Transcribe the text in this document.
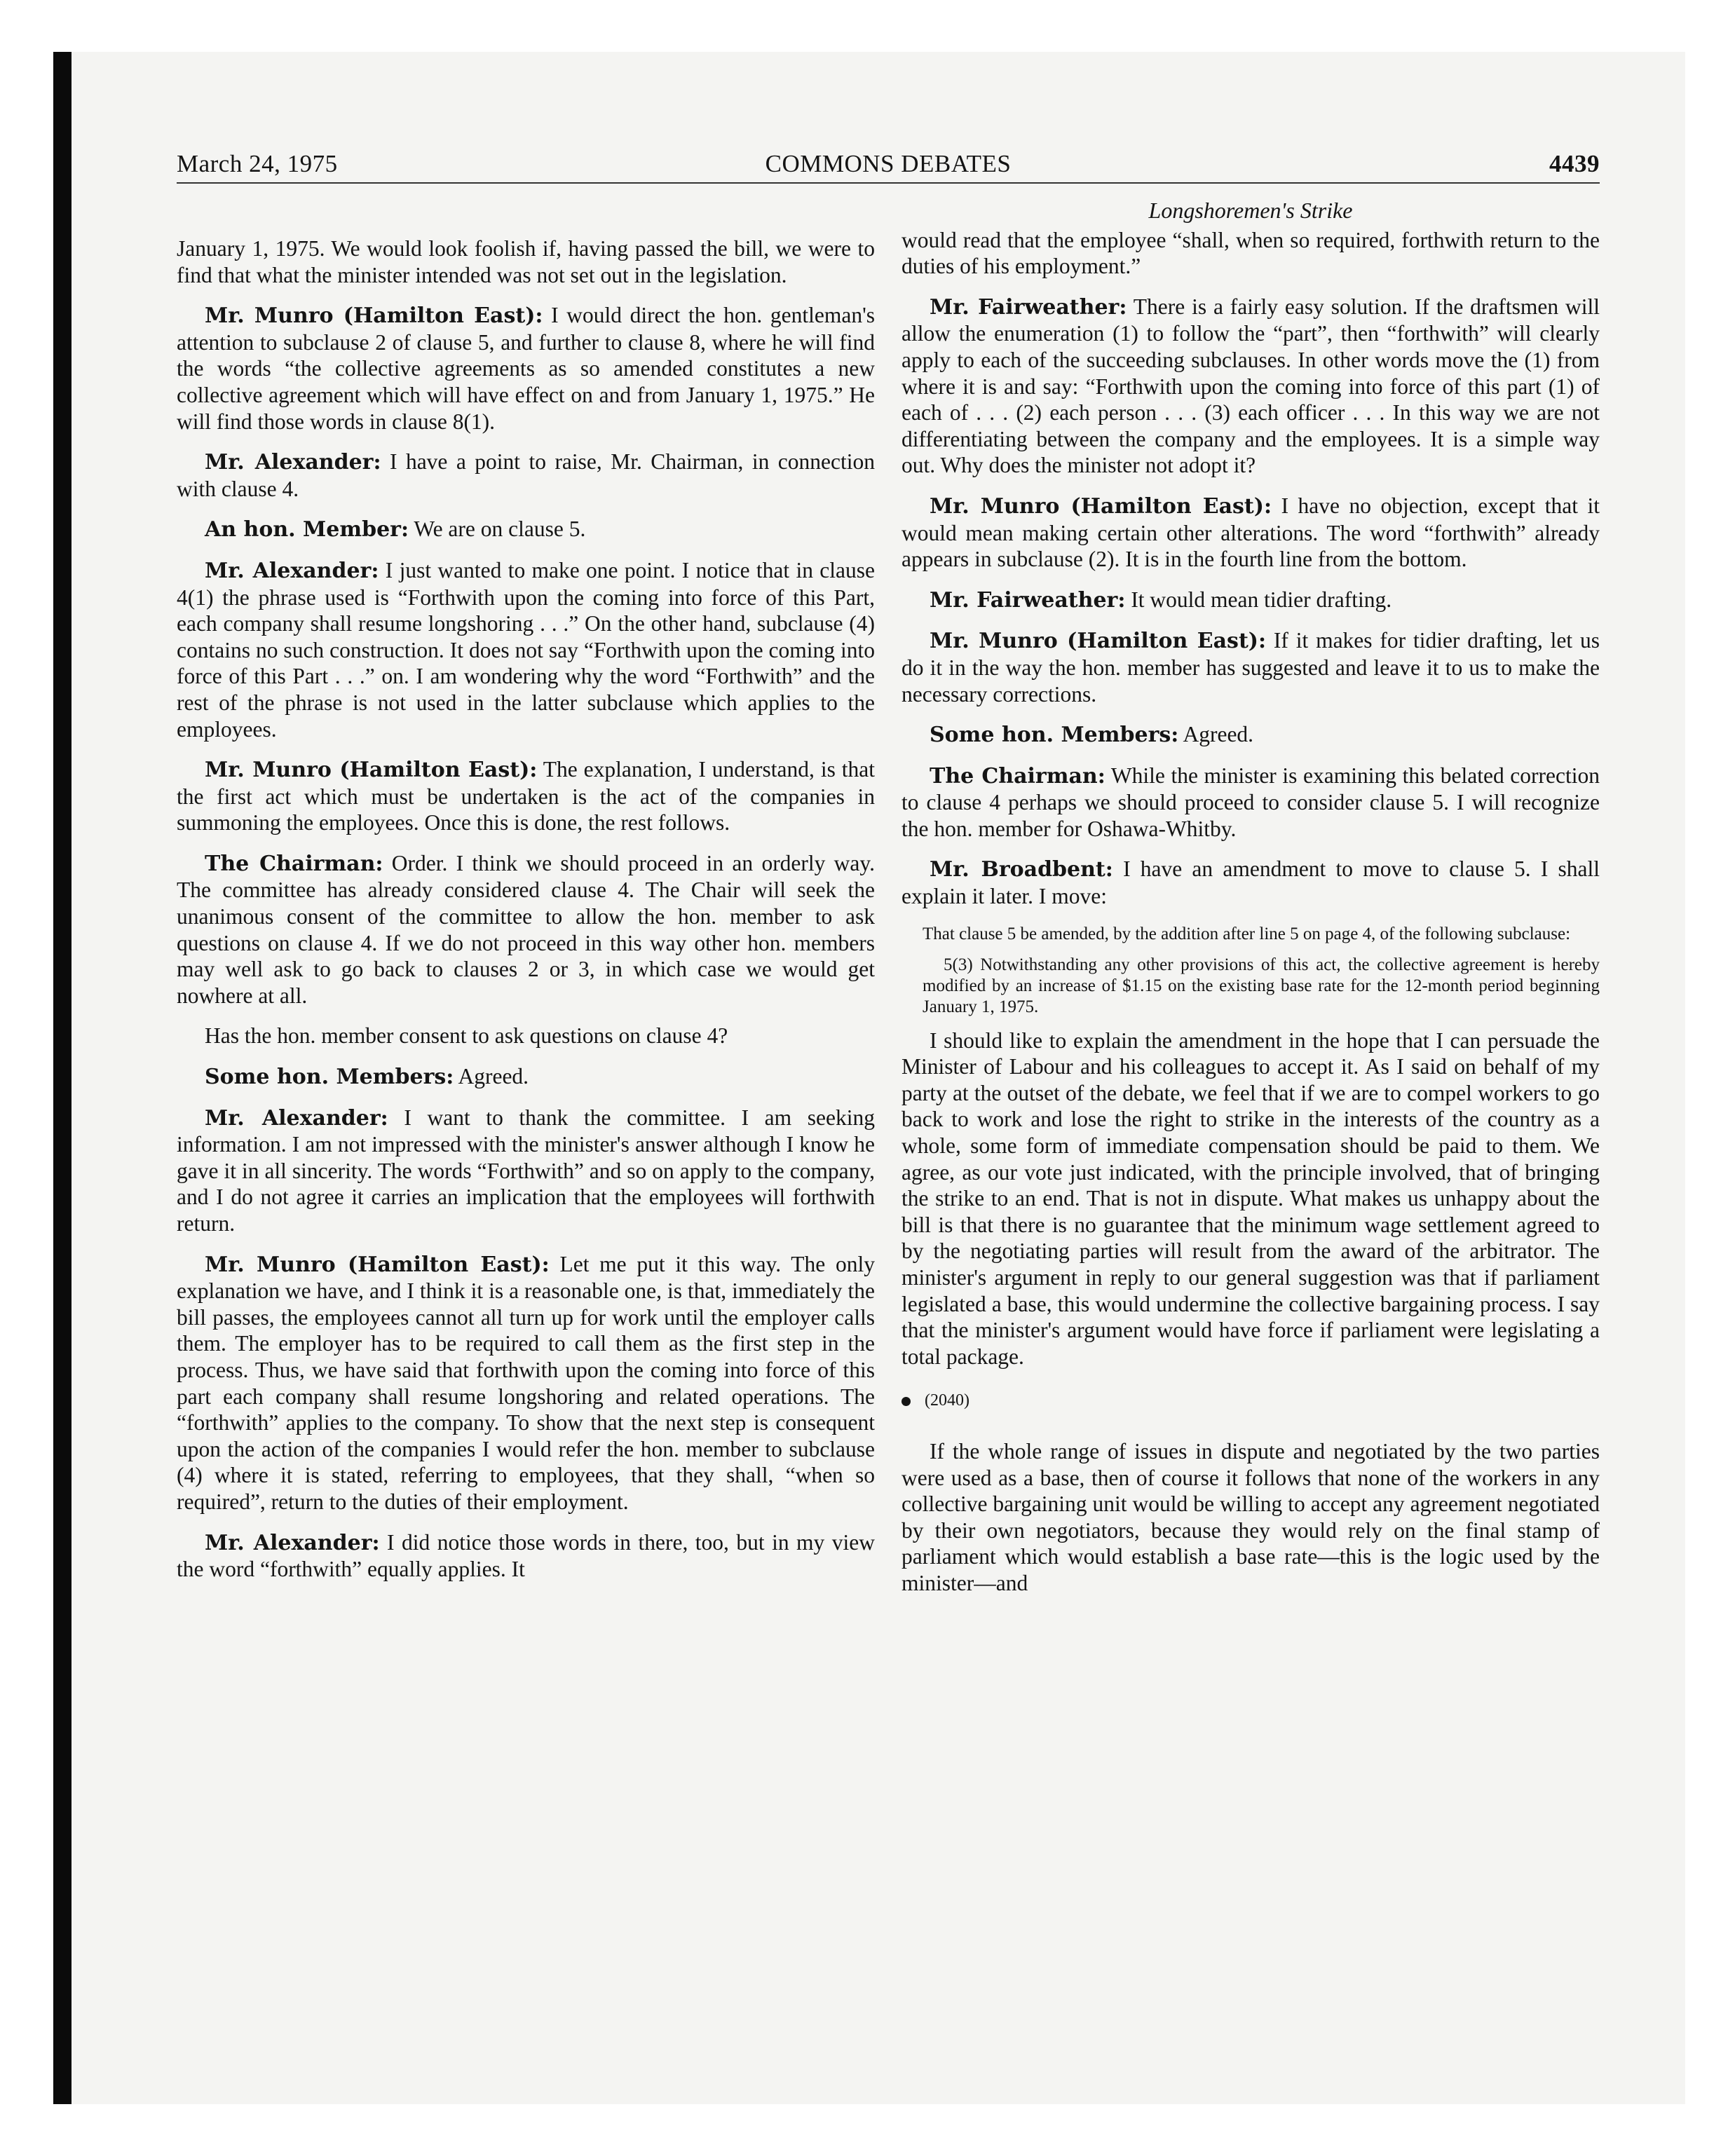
March 24, 1975	COMMONS DEBATES	4439

January 1, 1975. We would look foolish if, having passed the bill, we were to find that what the minister intended was not set out in the legislation.

Mr. Munro (Hamilton East): I would direct the hon. gentleman's attention to subclause 2 of clause 5, and further to clause 8, where he will find the words “the collective agreements as so amended constitutes a new collective agreement which will have effect on and from January 1, 1975.” He will find those words in clause 8(1).

Mr. Alexander: I have a point to raise, Mr. Chairman, in connection with clause 4.

An hon. Member: We are on clause 5.

Mr. Alexander: I just wanted to make one point. I notice that in clause 4(1) the phrase used is “Forthwith upon the coming into force of this Part, each company shall resume longshoring . . .” On the other hand, subclause (4) contains no such construction. It does not say “Forthwith upon the coming into force of this Part . . .” on. I am wondering why the word “Forthwith” and the rest of the phrase is not used in the latter subclause which applies to the employees.

Mr. Munro (Hamilton East): The explanation, I understand, is that the first act which must be undertaken is the act of the companies in summoning the employees. Once this is done, the rest follows.

The Chairman: Order. I think we should proceed in an orderly way. The committee has already considered clause 4. The Chair will seek the unanimous consent of the committee to allow the hon. member to ask questions on clause 4. If we do not proceed in this way other hon. members may well ask to go back to clauses 2 or 3, in which case we would get nowhere at all.

Has the hon. member consent to ask questions on clause 4?

Some hon. Members: Agreed.

Mr. Alexander: I want to thank the committee. I am seeking information. I am not impressed with the minister's answer although I know he gave it in all sincerity. The words “Forthwith” and so on apply to the company, and I do not agree it carries an implication that the employees will forthwith return.

Mr. Munro (Hamilton East): Let me put it this way. The only explanation we have, and I think it is a reasonable one, is that, immediately the bill passes, the employees cannot all turn up for work until the employer calls them. The employer has to be required to call them as the first step in the process. Thus, we have said that forthwith upon the coming into force of this part each company shall resume longshoring and related operations. The “forthwith” applies to the company. To show that the next step is consequent upon the action of the companies I would refer the hon. member to subclause (4) where it is stated, referring to employees, that they shall, “when so required”, return to the duties of their employment.

Mr. Alexander: I did notice those words in there, too, but in my view the word “forthwith” equally applies. It

Longshoremen's Strike

would read that the employee “shall, when so required, forthwith return to the duties of his employment.”

Mr. Fairweather: There is a fairly easy solution. If the draftsmen will allow the enumeration (1) to follow the “part”, then “forthwith” will clearly apply to each of the succeeding subclauses. In other words move the (1) from where it is and say: “Forthwith upon the coming into force of this part (1) of each of . . . (2) each person . . . (3) each officer . . . In this way we are not differentiating between the company and the employees. It is a simple way out. Why does the minister not adopt it?

Mr. Munro (Hamilton East): I have no objection, except that it would mean making certain other alterations. The word “forthwith” already appears in subclause (2). It is in the fourth line from the bottom.

Mr. Fairweather: It would mean tidier drafting.

Mr. Munro (Hamilton East): If it makes for tidier drafting, let us do it in the way the hon. member has suggested and leave it to us to make the necessary corrections.

Some hon. Members: Agreed.

The Chairman: While the minister is examining this belated correction to clause 4 perhaps we should proceed to consider clause 5. I will recognize the hon. member for Oshawa-Whitby.

Mr. Broadbent: I have an amendment to move to clause 5. I shall explain it later. I move:

That clause 5 be amended, by the addition after line 5 on page 4, of the following subclause:
5(3) Notwithstanding any other provisions of this act, the collective agreement is hereby modified by an increase of $1.15 on the existing base rate for the 12-month period beginning January 1, 1975.

I should like to explain the amendment in the hope that I can persuade the Minister of Labour and his colleagues to accept it. As I said on behalf of my party at the outset of the debate, we feel that if we are to compel workers to go back to work and lose the right to strike in the interests of the country as a whole, some form of immediate compensation should be paid to them. We agree, as our vote just indicated, with the principle involved, that of bringing the strike to an end. That is not in dispute. What makes us unhappy about the bill is that there is no guarantee that the minimum wage settlement agreed to by the negotiating parties will result from the award of the arbitrator. The minister's argument in reply to our general suggestion was that if parliament legislated a base, this would undermine the collective bargaining process. I say that the minister's argument would have force if parliament were legislating a total package.

(2040)

If the whole range of issues in dispute and negotiated by the two parties were used as a base, then of course it follows that none of the workers in any collective bargaining unit would be willing to accept any agreement negotiated by their own negotiators, because they would rely on the final stamp of parliament which would establish a base rate—this is the logic used by the minister—and
